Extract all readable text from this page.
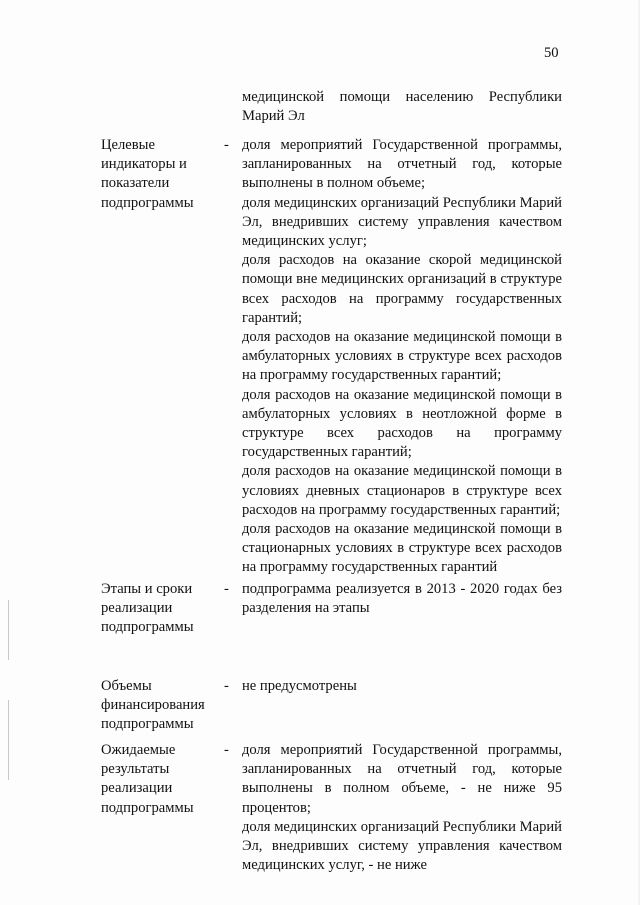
50
медицинской помощи населению Республики Марий Эл
Целевые индикаторы и показатели подпрограммы
- доля мероприятий Государственной программы, запланированных на отчетный год, которые выполнены в полном объеме;
доля медицинских организаций Республики Марий Эл, внедривших систему управления качеством медицинских услуг;
доля расходов на оказание скорой медицинской помощи вне медицинских организаций в структуре всех расходов на программу государственных гарантий;
доля расходов на оказание медицинской помощи в амбулаторных условиях в структуре всех расходов на программу государственных гарантий;
доля расходов на оказание медицинской помощи в амбулаторных условиях в неотложной форме в структуре всех расходов на программу государственных гарантий;
доля расходов на оказание медицинской помощи в условиях дневных стационаров в структуре всех расходов на программу государственных гарантий;
доля расходов на оказание медицинской помощи в стационарных условиях в структуре всех расходов на программу государственных гарантий
Этапы и сроки реализации подпрограммы
- подпрограмма реализуется в 2013 - 2020 годах без разделения на этапы
Объемы финансирования подпрограммы
- не предусмотрены
Ожидаемые результаты реализации подпрограммы
- доля мероприятий Государственной программы, запланированных на отчетный год, которые выполнены в полном объеме, - не ниже 95 процентов;
доля медицинских организаций Республики Марий Эл, внедривших систему управления качеством медицинских услуг, - не ниже
